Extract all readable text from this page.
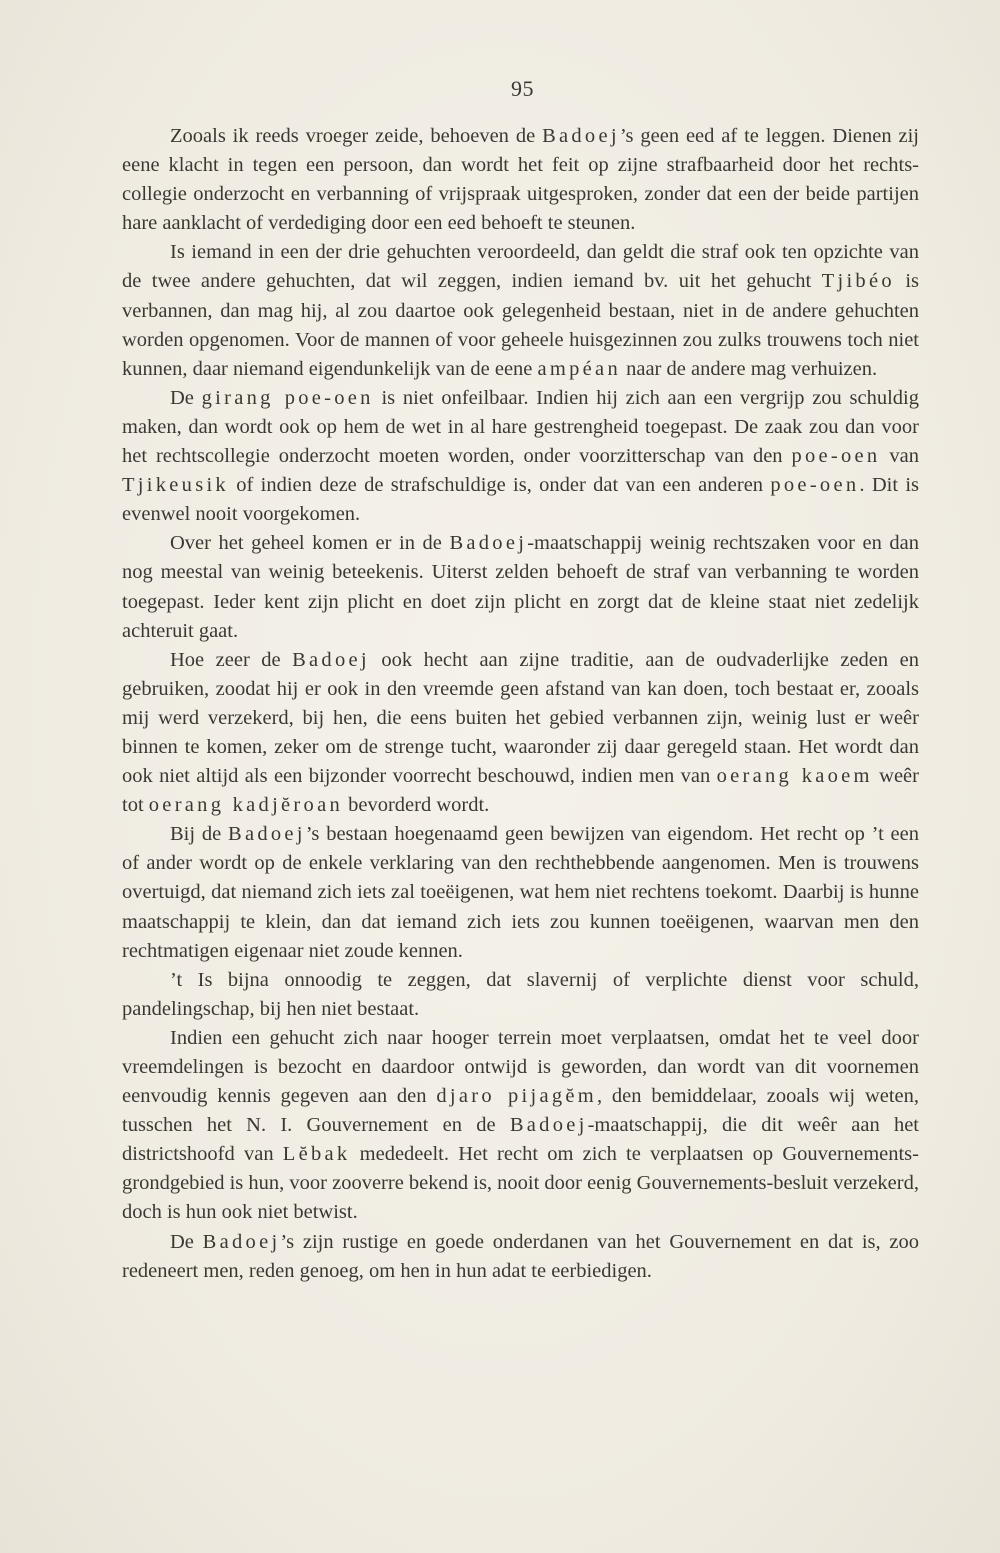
95

Zooals ik reeds vroeger zeide, behoeven de Badoej’s geen eed af te leggen. Dienen zij eene klacht in tegen een persoon, dan wordt het feit op zijne strafbaarheid door het rechts-collegie onderzocht en verbanning of vrijspraak uitgesproken, zonder dat een der beide partijen hare aanklacht of verdediging door een eed behoeft te steunen.

Is iemand in een der drie gehuchten veroordeeld, dan geldt die straf ook ten opzichte van de twee andere gehuchten, dat wil zeggen, indien iemand bv. uit het gehucht Tjibéo is verbannen, dan mag hij, al zou daartoe ook gelegenheid bestaan, niet in de andere gehuchten worden opgenomen. Voor de mannen of voor geheele huisgezinnen zou zulks trouwens toch niet kunnen, daar niemand eigendunkelijk van de eene ampéan naar de andere mag verhuizen.

De girang poe-oen is niet onfeilbaar. Indien hij zich aan een vergrijp zou schuldig maken, dan wordt ook op hem de wet in al hare gestrengheid toegepast. De zaak zou dan voor het rechtscollegie onderzocht moeten worden, onder voorzitterschap van den poe-oen van Tjikeusik of indien deze de strafschuldige is, onder dat van een anderen poe-oen. Dit is evenwel nooit voorgekomen.

Over het geheel komen er in de Badoej-maatschappij weinig rechtszaken voor en dan nog meestal van weinig beteekenis. Uiterst zelden behoeft de straf van verbanning te worden toegepast. Ieder kent zijn plicht en doet zijn plicht en zorgt dat de kleine staat niet zedelijk achteruit gaat.

Hoe zeer de Badoej ook hecht aan zijne traditie, aan de oudvaderlijke zeden en gebruiken, zoodat hij er ook in den vreemde geen afstand van kan doen, toch bestaat er, zooals mij werd verzekerd, bij hen, die eens buiten het gebied verbannen zijn, weinig lust er weêr binnen te komen, zeker om de strenge tucht, waaronder zij daar geregeld staan. Het wordt dan ook niet altijd als een bijzonder voorrecht beschouwd, indien men van oerang kaoem weêr tot oerang kadjĕroan bevorderd wordt.

Bij de Badoej’s bestaan hoegenaamd geen bewijzen van eigendom. Het recht op ’t een of ander wordt op de enkele verklaring van den rechthebbende aangenomen. Men is trouwens overtuigd, dat niemand zich iets zal toeëigenen, wat hem niet rechtens toekomt. Daarbij is hunne maatschappij te klein, dan dat iemand zich iets zou kunnen toeëigenen, waarvan men den rechtmatigen eigenaar niet zoude kennen.

’t Is bijna onnoodig te zeggen, dat slavernij of verplichte dienst voor schuld, pandelingschap, bij hen niet bestaat.

Indien een gehucht zich naar hooger terrein moet verplaatsen, omdat het te veel door vreemdelingen is bezocht en daardoor ontwijd is geworden, dan wordt van dit voornemen eenvoudig kennis gegeven aan den djaro pijagĕm, den bemiddelaar, zooals wij weten, tusschen het N. I. Gouvernement en de Badoej-maatschappij, die dit weêr aan het districtshoofd van Lĕbak mededeelt. Het recht om zich te verplaatsen op Gouvernements-grondgebied is hun, voor zooverre bekend is, nooit door eenig Gouvernements-besluit verzekerd, doch is hun ook niet betwist.

De Badoej’s zijn rustige en goede onderdanen van het Gouvernement en dat is, zoo redeneert men, reden genoeg, om hen in hun adat te eerbiedigen.
